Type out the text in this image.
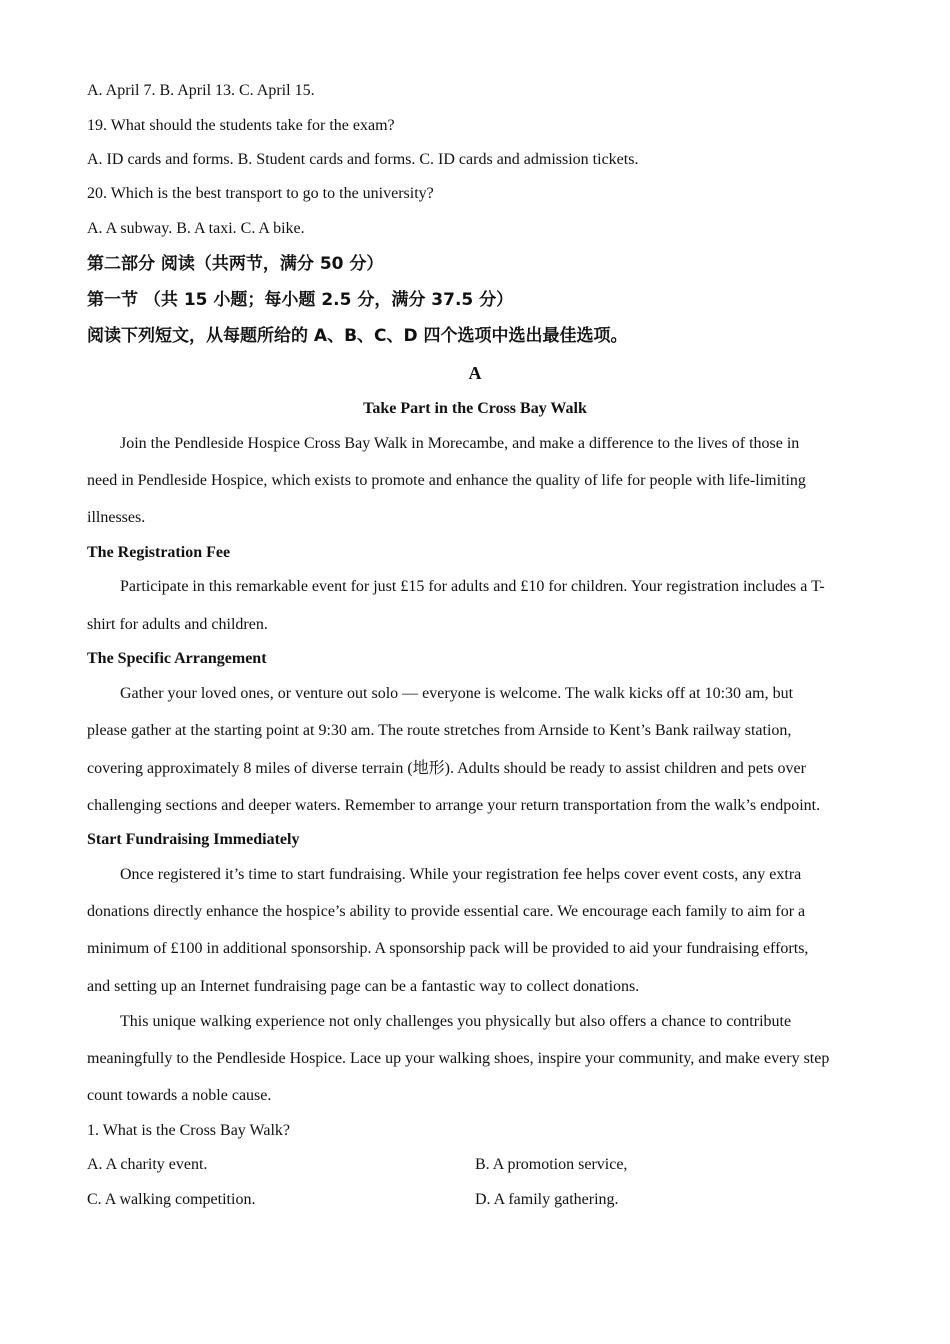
A. April 7. B. April 13. C. April 15.
19. What should the students take for the exam?
A. ID cards and forms. B. Student cards and forms. C. ID cards and admission tickets.
20. Which is the best transport to go to the university?
A. A subway. B. A taxi. C. A bike.
第二部分 阅读（共两节，满分 50 分）
第一节 （共 15 小题；每小题 2.5 分，满分 37.5 分）
阅读下列短文，从每题所给的 A、B、C、D 四个选项中选出最佳选项。
A
Take Part in the Cross Bay Walk
Join the Pendleside Hospice Cross Bay Walk in Morecambe, and make a difference to the lives of those in
need in Pendleside Hospice, which exists to promote and enhance the quality of life for people with life-limiting
illnesses.
The Registration Fee
Participate in this remarkable event for just £15 for adults and £10 for children. Your registration includes a T-
shirt for adults and children.
The Specific Arrangement
Gather your loved ones, or venture out solo — everyone is welcome. The walk kicks off at 10:30 am, but
please gather at the starting point at 9:30 am. The route stretches from Arnside to Kent’s Bank railway station,
covering approximately 8 miles of diverse terrain (地形). Adults should be ready to assist children and pets over
challenging sections and deeper waters. Remember to arrange your return transportation from the walk’s endpoint.
Start Fundraising Immediately
Once registered it’s time to start fundraising. While your registration fee helps cover event costs, any extra
donations directly enhance the hospice’s ability to provide essential care. We encourage each family to aim for a
minimum of £100 in additional sponsorship. A sponsorship pack will be provided to aid your fundraising efforts,
and setting up an Internet fundraising page can be a fantastic way to collect donations.
This unique walking experience not only challenges you physically but also offers a chance to contribute
meaningfully to the Pendleside Hospice. Lace up your walking shoes, inspire your community, and make every step
count towards a noble cause.
1. What is the Cross Bay Walk?
A. A charity event.	B. A promotion service,
C. A walking competition.	D. A family gathering.
